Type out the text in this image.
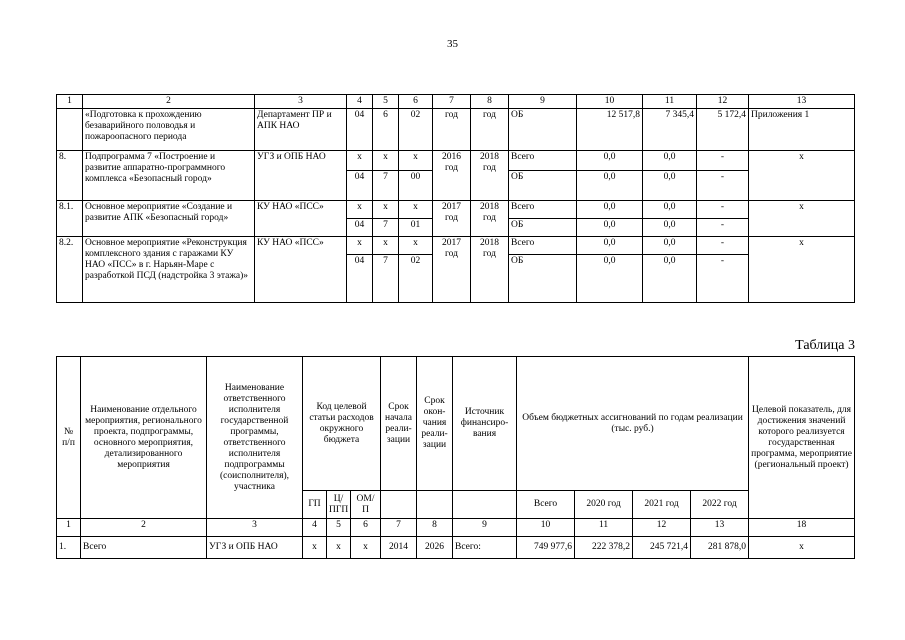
35
1	2	3	4	5	6	7	8	9	10	11	12	13
	«Подготовка к прохождению безаварийного половодья и пожароопасного периода	Департамент ПР и АПК НАО	04	6	02	год	год	ОБ	12 517,8	7 345,4	5 172,4	Приложения 1
8.	Подпрограмма 7 «Построение и развитие аппаратно-программного комплекса «Безопасный город»	УГЗ и ОПБ НАО	x	x	x	2016 год	2018 год	Всего	0,0	0,0	-	x
			04	7	00			ОБ	0,0	0,0	-	
8.1.	Основное мероприятие «Создание и развитие АПК «Безопасный город»	КУ НАО «ПСС»	x	x	x	2017 год	2018 год	Всего	0,0	0,0	-	x
			04	7	01			ОБ	0,0	0,0	-	
8.2.	Основное мероприятие «Реконструкция комплексного здания с гаражами КУ НАО «ПСС» в г. Нарьян-Маре с разработкой ПСД (надстройка 3 этажа)»	КУ НАО «ПСС»	x	x	x	2017 год	2018 год	Всего	0,0	0,0	-	x
			04	7	02			ОБ	0,0	0,0	-	
Таблица 3
№ п/п	Наименование отдельного мероприятия, регионального проекта, подпрограммы, основного мероприятия, детализированного мероприятия	Наименование ответственного исполнителя государственной программы, ответственного исполнителя подпрограммы (соисполнителя), участника	Код целевой статьи расходов окружного бюджета			Срок начала реали-зации	Срок окон-чания реали-зации	Источник финансиро-вания	Объем бюджетных ассигнований по годам реализации (тыс. руб.)				Целевой показатель, для достижения значений которого реализуется государственная программа, мероприятие (региональный проект)
			ГП	Ц/ ПГП	ОМ/ П				Всего	2020 год	2021 год	2022 год	
1	2	3	4	5	6	7	8	9	10	11	12	13	18
1.	Всего	УГЗ и ОПБ НАО	x	x	x	2014	2026	Всего:	749 977,6	222 378,2	245 721,4	281 878,0	x
